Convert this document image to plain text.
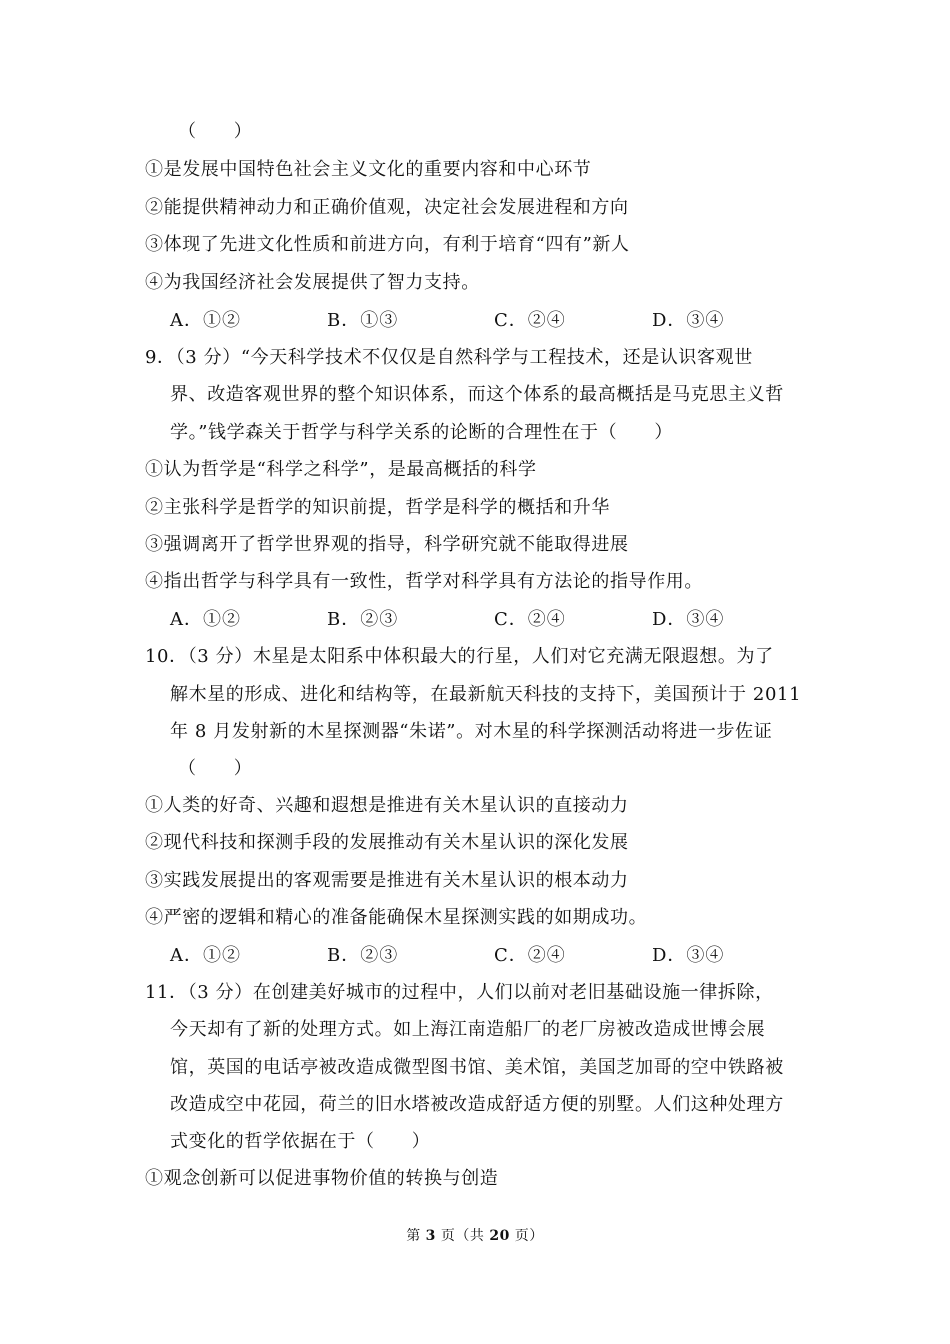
（　　）
①是发展中国特色社会主义文化的重要内容和中心环节
②能提供精神动力和正确价值观，决定社会发展进程和方向
③体现了先进文化性质和前进方向，有利于培育“四有”新人
④为我国经济社会发展提供了智力支持。
A．①②	B．①③	C．②④	D．③④
9．（3 分）“今天科学技术不仅仅是自然科学与工程技术，还是认识客观世
界、改造客观世界的整个知识体系，而这个体系的最高概括是马克思主义哲
学。”钱学森关于哲学与科学关系的论断的合理性在于（　　）
①认为哲学是“科学之科学”，是最高概括的科学
②主张科学是哲学的知识前提，哲学是科学的概括和升华
③强调离开了哲学世界观的指导，科学研究就不能取得进展
④指出哲学与科学具有一致性，哲学对科学具有方法论的指导作用。
A．①②	B．②③	C．②④	D．③④
10．（3 分）木星是太阳系中体积最大的行星，人们对它充满无限遐想。为了
解木星的形成、进化和结构等，在最新航天科技的支持下，美国预计于 2011
年 8 月发射新的木星探测器“朱诺”。对木星的科学探测活动将进一步佐证
（　　）
①人类的好奇、兴趣和遐想是推进有关木星认识的直接动力
②现代科技和探测手段的发展推动有关木星认识的深化发展
③实践发展提出的客观需要是推进有关木星认识的根本动力
④严密的逻辑和精心的准备能确保木星探测实践的如期成功。
A．①②	B．②③	C．②④	D．③④
11．（3 分）在创建美好城市的过程中，人们以前对老旧基础设施一律拆除，
今天却有了新的处理方式。如上海江南造船厂的老厂房被改造成世博会展
馆，英国的电话亭被改造成微型图书馆、美术馆，美国芝加哥的空中铁路被
改造成空中花园，荷兰的旧水塔被改造成舒适方便的别墅。人们这种处理方
式变化的哲学依据在于（　　）
①观念创新可以促进事物价值的转换与创造
第 3 页（共 20 页）
